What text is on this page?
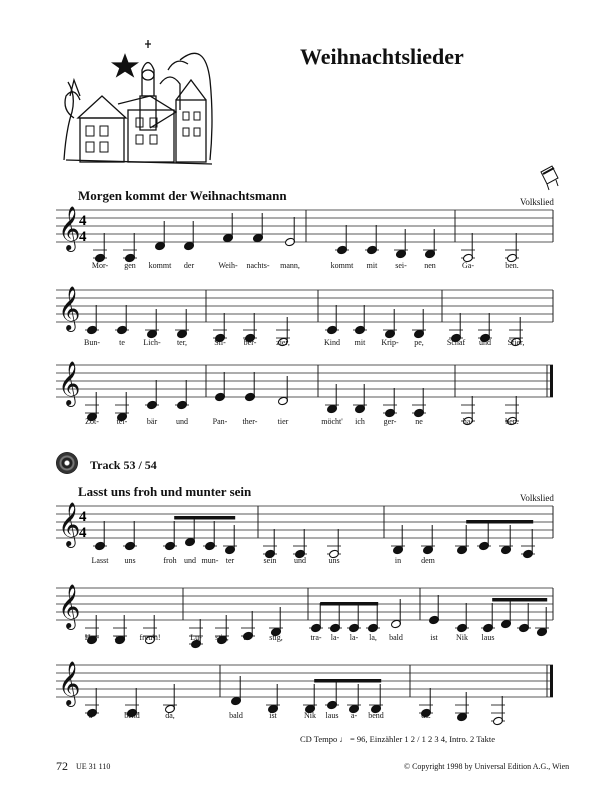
Weihnachtslieder
Morgen kommt der Weihnachtsmann	Volkslied
Track 53 / 54
Lasst uns froh und munter sein	Volkslied
CD Tempo ♩ = 96, Einzähler 1 2 / 1 2 3 4, Intro. 2 Takte
72 UE 31 110	© Copyright 1998 by Universal Edition A.G., Wien
𝄞
4
4
Mor- gen kommt der	Weih- nachts- mann,	kommt mit sei- nen	Ga-	ben.
𝄞
Bun- te Lich- ter,	Sil- ber- zier,	Kind mit Krip- pe,	Schaf und Stier,
𝄞
Zot- tel- bär und	Pan- ther-	tier	möcht' ich ger- ne	ha-	ben.
𝄞
4
4
Lasst uns	froh und mun- ter	sein und	uns	in dem
𝄞
Her- zen freu'n!	Lu- stig, lu- stig,	tra- la- la- la, bald	ist Nik laus
𝄞
a-	bend	da,	bald	ist	Nik laus a- bend	da.
